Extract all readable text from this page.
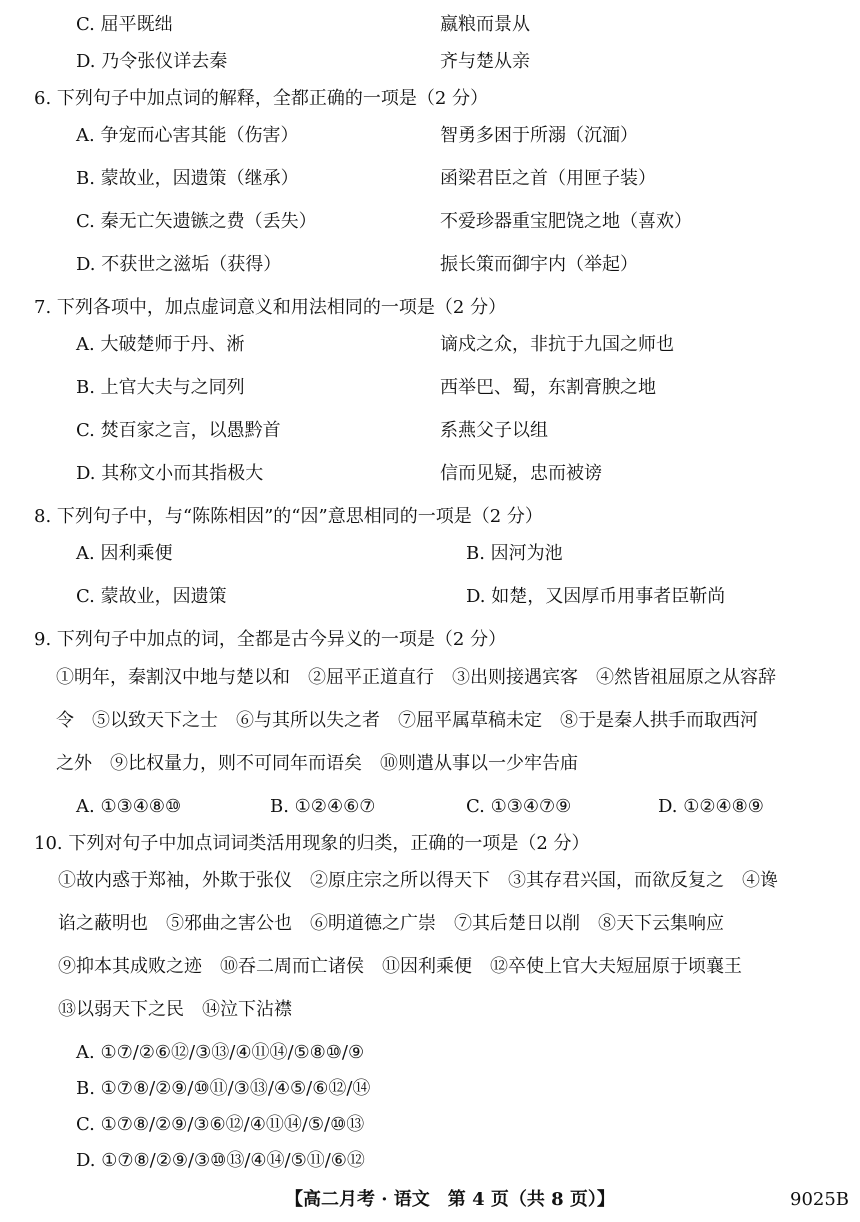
C. 屈平既绌	嬴粮而景从
D. 乃令张仪详去秦	齐与楚从亲
6. 下列句子中加点词的解释，全都正确的一项是（2 分）
A. 争宠而心害其能（伤害）	智勇多困于所溺（沉湎）
B. 蒙故业，因遗策（继承）	函梁君臣之首（用匣子装）
C. 秦无亡矢遗镞之费（丢失）	不爱珍器重宝肥饶之地（喜欢）
D. 不获世之滋垢（获得）	振长策而御宇内（举起）
7. 下列各项中，加点虚词意义和用法相同的一项是（2 分）
A. 大破楚师于丹、淅	谪戍之众，非抗于九国之师也
B. 上官大夫与之同列	西举巴、蜀，东割膏腴之地
C. 焚百家之言，以愚黔首	系燕父子以组
D. 其称文小而其指极大	信而见疑，忠而被谤
8. 下列句子中，与“陈陈相因”的“因”意思相同的一项是（2 分）
A. 因利乘便	B. 因河为池
C. 蒙故业，因遗策	D. 如楚，又因厚币用事者臣靳尚
9. 下列句子中加点的词，全都是古今异义的一项是（2 分）
①明年，秦割汉中地与楚以和　②屈平正道直行　③出则接遇宾客　④然皆祖屈原之从容辞
令　⑤以致天下之士　⑥与其所以失之者　⑦屈平属草稿未定　⑧于是秦人拱手而取西河
之外　⑨比权量力，则不可同年而语矣　⑩则遣从事以一少牢告庙
A. ①③④⑧⑩	B. ①②④⑥⑦	C. ①③④⑦⑨	D. ①②④⑧⑨
10. 下列对句子中加点词词类活用现象的归类，正确的一项是（2 分）
①故内惑于郑袖，外欺于张仪　②原庄宗之所以得天下　③其存君兴国，而欲反复之　④谗
谄之蔽明也　⑤邪曲之害公也　⑥明道德之广崇　⑦其后楚日以削　⑧天下云集响应
⑨抑本其成败之迹　⑩吞二周而亡诸侯　⑪因利乘便　⑫卒使上官大夫短屈原于顷襄王
⑬以弱天下之民　⑭泣下沾襟
A. ①⑦/②⑥⑫/③⑬/④⑪⑭/⑤⑧⑩/⑨
B. ①⑦⑧/②⑨/⑩⑪/③⑬/④⑤/⑥⑫/⑭
C. ①⑦⑧/②⑨/③⑥⑫/④⑪⑭/⑤/⑩⑬
D. ①⑦⑧/②⑨/③⑩⑬/④⑭/⑤⑪/⑥⑫
【高二月考 · 语文　第 4 页（共 8 页）】	9025B
